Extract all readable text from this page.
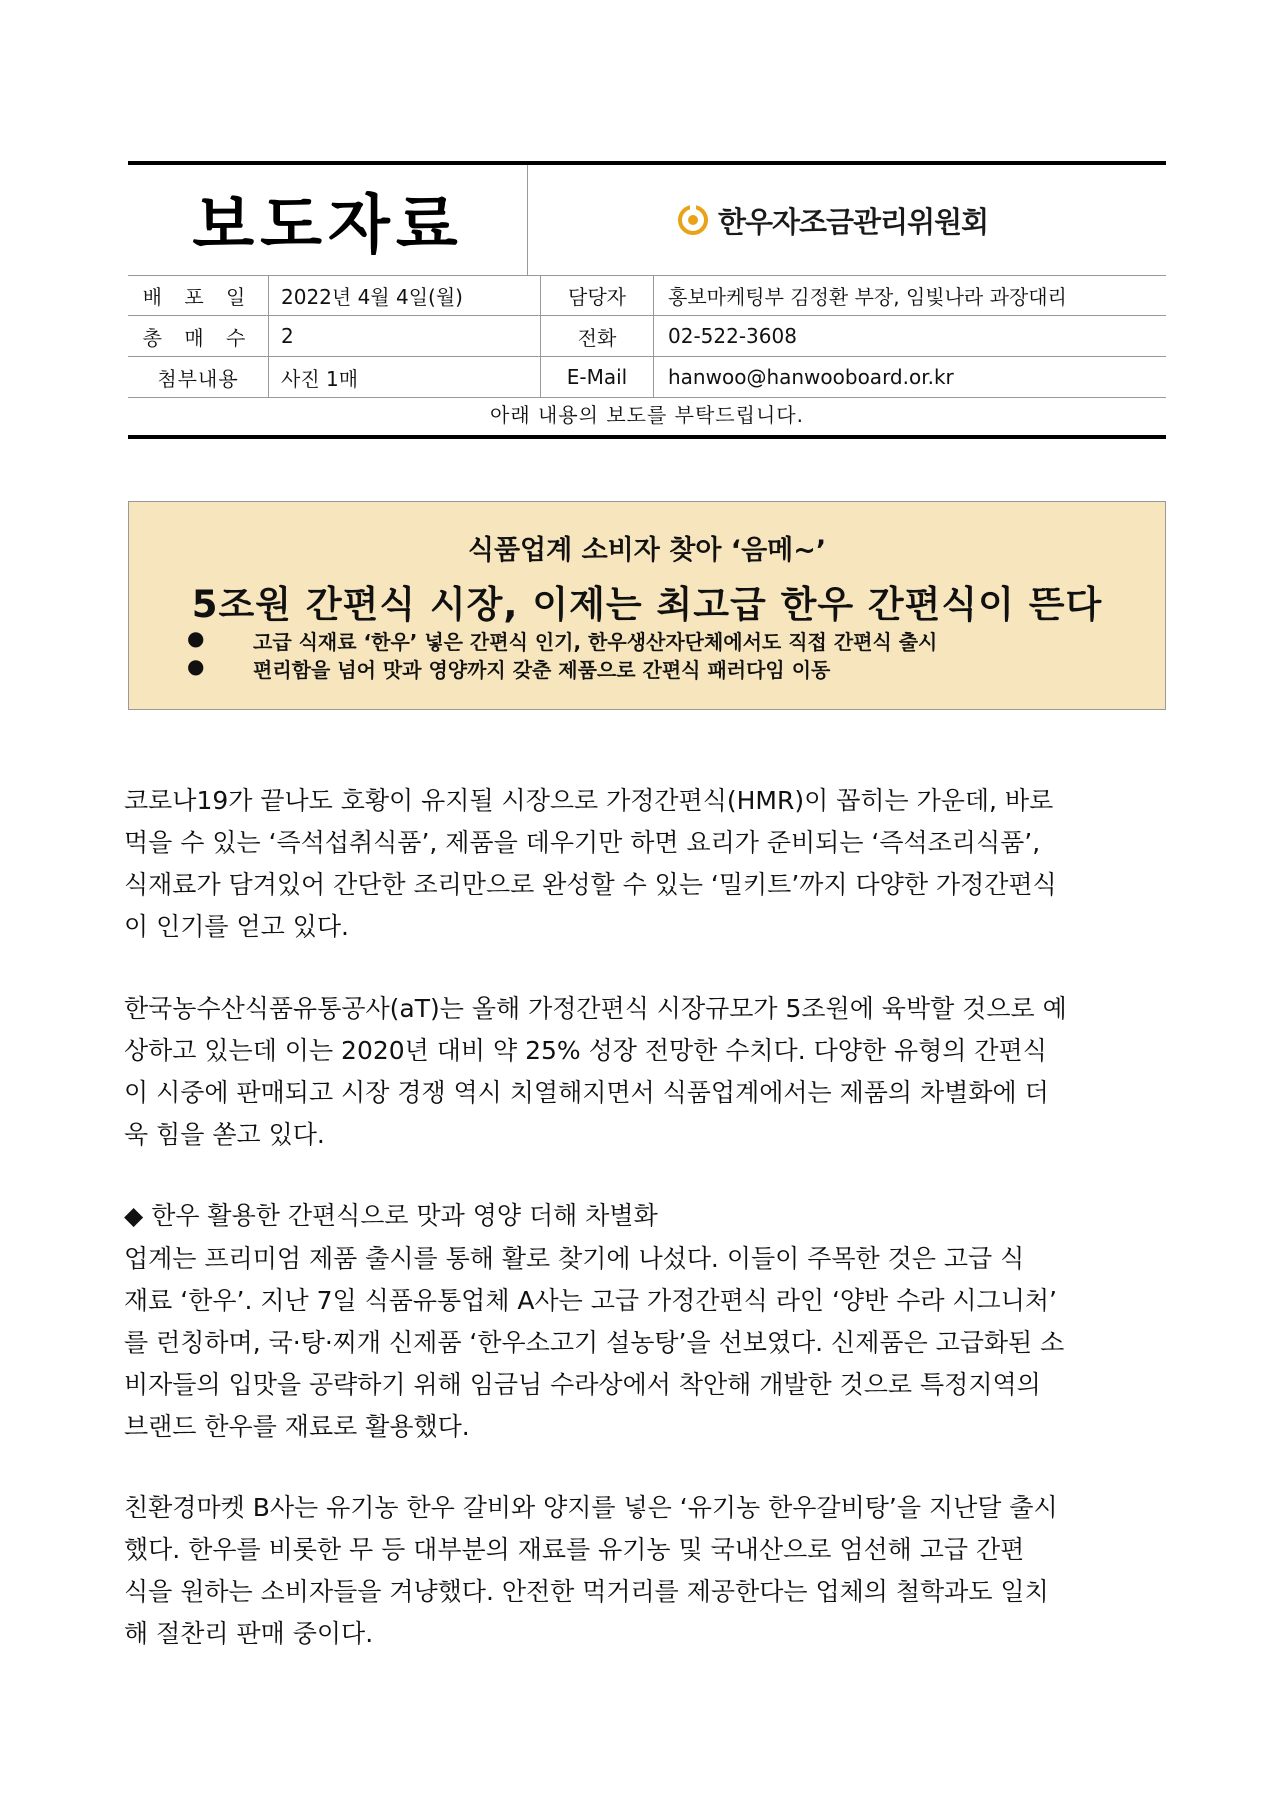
보도자료	한우자조금관리위원회
배 포 일	2022년 4월 4일(월)	담당자	홍보마케팅부 김정환 부장, 임빛나라 과장대리
총 매 수	2	전화	02-522-3608
첨부내용	사진 1매	E-Mail	hanwoo@hanwooboard.or.kr
아래 내용의 보도를 부탁드립니다.
식품업계 소비자 찾아 ‘음메~’
5조원 간편식 시장, 이제는 최고급 한우 간편식이 뜬다
●	고급 식재료 ‘한우’ 넣은 간편식 인기, 한우생산자단체에서도 직접 간편식 출시
●	편리함을 넘어 맛과 영양까지 갖춘 제품으로 간편식 패러다임 이동

코로나19가 끝나도 호황이 유지될 시장으로 가정간편식(HMR)이 꼽히는 가운데, 바로

먹을 수 있는 ‘즉석섭취식품’, 제품을 데우기만 하면 요리가 준비되는 ‘즉석조리식품’,

식재료가 담겨있어 간단한 조리만으로 완성할 수 있는 ‘밀키트’까지 다양한 가정간편식

이 인기를 얻고 있다.

한국농수산식품유통공사(aT)는 올해 가정간편식 시장규모가 5조원에 육박할 것으로 예

상하고 있는데 이는 2020년 대비 약 25% 성장 전망한 수치다. 다양한 유형의 간편식

이 시중에 판매되고 시장 경쟁 역시 치열해지면서 식품업계에서는 제품의 차별화에 더

욱 힘을 쏟고 있다.

◆ 한우 활용한 간편식으로 맛과 영양 더해 차별화

업계는 프리미엄 제품 출시를 통해 활로 찾기에 나섰다. 이들이 주목한 것은 고급 식

재료 ‘한우’. 지난 7일 식품유통업체 A사는 고급 가정간편식 라인 ‘양반 수라 시그니처’

를 런칭하며, 국·탕·찌개 신제품 ‘한우소고기 설농탕’을 선보였다. 신제품은 고급화된 소

비자들의 입맛을 공략하기 위해 임금님 수라상에서 착안해 개발한 것으로 특정지역의

브랜드 한우를 재료로 활용했다.

친환경마켓 B사는 유기농 한우 갈비와 양지를 넣은 ‘유기농 한우갈비탕’을 지난달 출시

했다. 한우를 비롯한 무 등 대부분의 재료를 유기농 및 국내산으로 엄선해 고급 간편

식을 원하는 소비자들을 겨냥했다. 안전한 먹거리를 제공한다는 업체의 철학과도 일치

해 절찬리 판매 중이다.
